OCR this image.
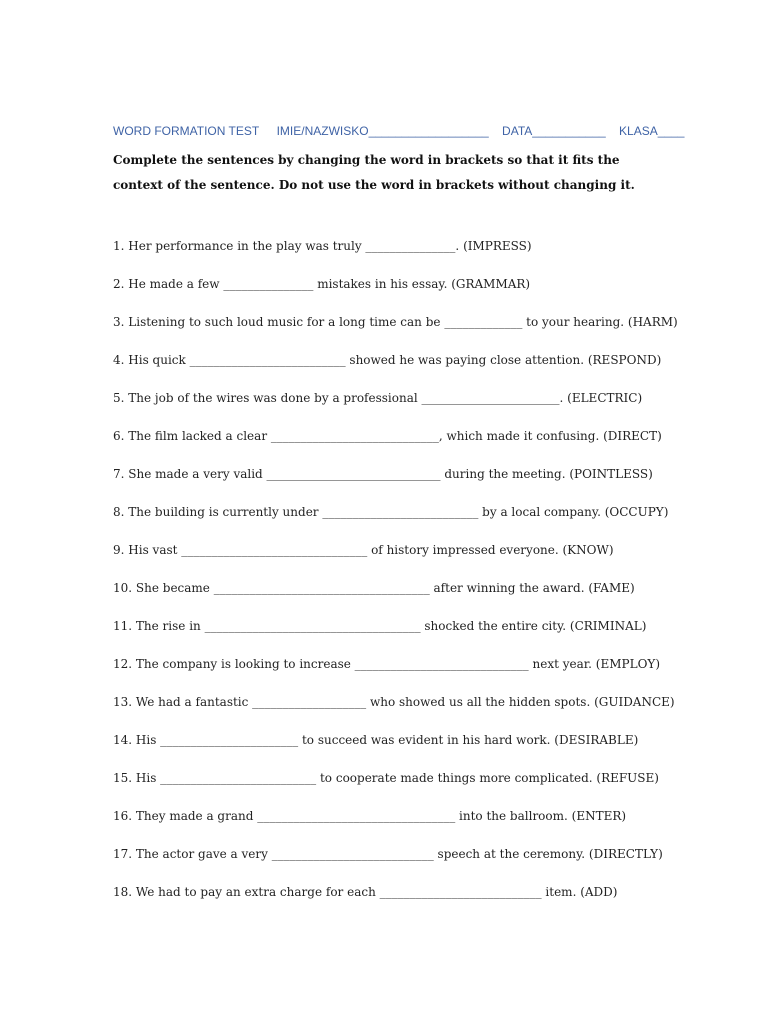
WORD FORMATION TEST IMIE/NAZWISKO__________________ DATA___________ KLASA____
Complete the sentences by changing the word in brackets so that it fits the context of the sentence. Do not use the word in brackets without changing it.
1. Her performance in the play was truly _______________. (IMPRESS)
2. He made a few _______________ mistakes in his essay. (GRAMMAR)
3. Listening to such loud music for a long time can be _____________ to your hearing. (HARM)
4. His quick __________________________ showed he was paying close attention. (RESPOND)
5. The job of the wires was done by a professional _______________________. (ELECTRIC)
6. The film lacked a clear ____________________________, which made it confusing. (DIRECT)
7. She made a very valid _____________________________ during the meeting. (POINTLESS)
8. The building is currently under __________________________ by a local company. (OCCUPY)
9. His vast _______________________________ of history impressed everyone. (KNOW)
10. She became ____________________________________ after winning the award. (FAME)
11. The rise in ____________________________________ shocked the entire city. (CRIMINAL)
12. The company is looking to increase _____________________________ next year. (EMPLOY)
13. We had a fantastic ___________________ who showed us all the hidden spots. (GUIDANCE)
14. His _______________________ to succeed was evident in his hard work. (DESIRABLE)
15. His __________________________ to cooperate made things more complicated. (REFUSE)
16. They made a grand _________________________________ into the ballroom. (ENTER)
17. The actor gave a very ___________________________ speech at the ceremony. (DIRECTLY)
18. We had to pay an extra charge for each ___________________________ item. (ADD)
